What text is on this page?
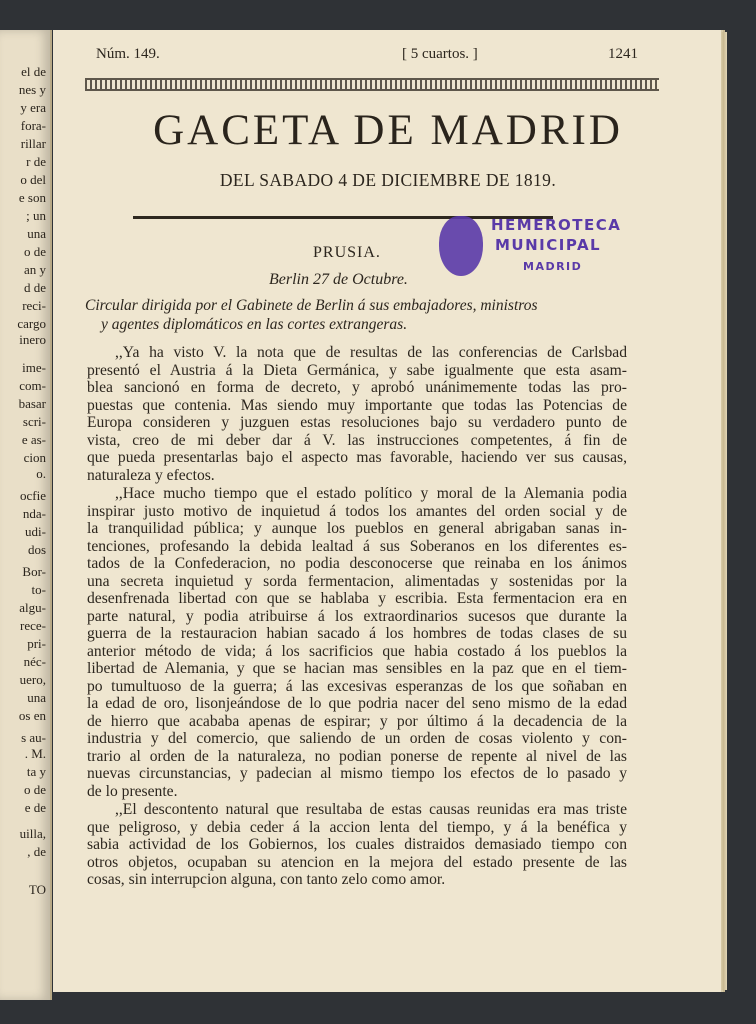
el de
nes y
y era
fora-
rillar
r de
o del
e son
; un
una
o de
an y
d de
reci-
cargo
inero
ime-
com-
basar
scri-
e as-
cion
o.
ocfie
nda-
udi-
dos
Bor-
to-
algu-
rece-
pri-
néc-
uero,
una
os en
s au-
. M.
ta y
o de
e de
uilla,
, de
TO
Núm. 149.	[ 5 cuartos. ]	1241
GACETA DE MADRID
DEL SABADO 4 DE DICIEMBRE DE 1819.
HEMEROTECA
MUNICIPAL
MADRID
PRUSIA.
Berlin 27 de Octubre.
Circular dirigida por el Gabinete de Berlin á sus embajadores, ministros
y agentes diplomáticos en las cortes extrangeras.
,,Ya ha visto V. la nota que de resultas de las conferencias de Carlsbad
presentó el Austria á la Dieta Germánica, y sabe igualmente que esta asam-
blea sancionó en forma de decreto, y aprobó unánimemente todas las pro-
puestas que contenia. Mas siendo muy importante que todas las Potencias de
Europa consideren y juzguen estas resoluciones bajo su verdadero punto de
vista, creo de mi deber dar á V. las instrucciones competentes, á fin de
que pueda presentarlas bajo el aspecto mas favorable, haciendo ver sus causas,
naturaleza y efectos.
,,Hace mucho tiempo que el estado político y moral de la Alemania podia
inspirar justo motivo de inquietud á todos los amantes del orden social y de
la tranquilidad pública; y aunque los pueblos en general abrigaban sanas in-
tenciones, profesando la debida lealtad á sus Soberanos en los diferentes es-
tados de la Confederacion, no podia desconocerse que reinaba en los ánimos
una secreta inquietud y sorda fermentacion, alimentadas y sostenidas por la
desenfrenada libertad con que se hablaba y escribia. Esta fermentacion era en
parte natural, y podia atribuirse á los extraordinarios sucesos que durante la
guerra de la restauracion habian sacado á los hombres de todas clases de su
anterior método de vida; á los sacrificios que habia costado á los pueblos la
libertad de Alemania, y que se hacian mas sensibles en la paz que en el tiem-
po tumultuoso de la guerra; á las excesivas esperanzas de los que soñaban en
la edad de oro, lisonjeándose de lo que podria nacer del seno mismo de la edad
de hierro que acababa apenas de espirar; y por último á la decadencia de la
industria y del comercio, que saliendo de un orden de cosas violento y con-
trario al orden de la naturaleza, no podian ponerse de repente al nivel de las
nuevas circunstancias, y padecian al mismo tiempo los efectos de lo pasado y
de lo presente.
,,El descontento natural que resultaba de estas causas reunidas era mas triste
que peligroso, y debia ceder á la accion lenta del tiempo, y á la benéfica y
sabia actividad de los Gobiernos, los cuales distraidos demasiado tiempo con
otros objetos, ocupaban su atencion en la mejora del estado presente de las
cosas, sin interrupcion alguna, con tanto zelo como amor.
